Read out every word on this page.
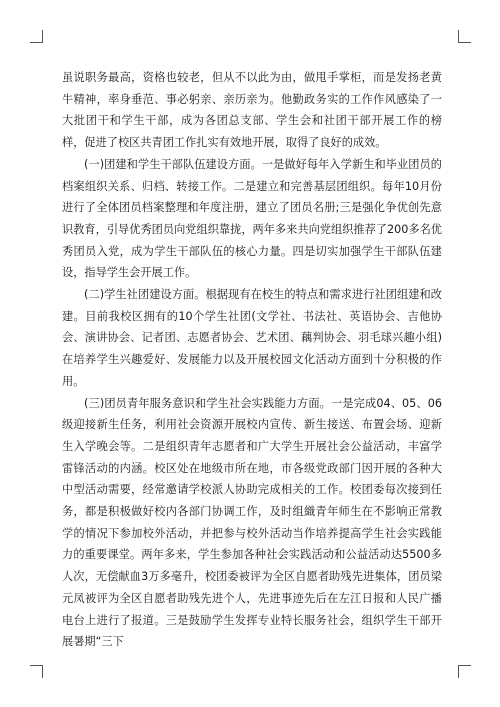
虽说职务最高，资格也较老，但从不以此为由，做甩手掌柜，而是发扬老黄牛精神，率身垂范、事必躬亲、亲历亲为。他勤政务实的工作作风感染了一大批团干和学生干部，成为各团总支部、学生会和社团干部开展工作的榜样，促进了校区共青团工作扎实有效地开展，取得了良好的成效。

(一)团建和学生干部队伍建设方面。一是做好每年入学新生和毕业团员的档案组织关系、归档、转接工作。二是建立和完善基层团组织。每年10月份进行了全体团员档案整理和年度注册，建立了团员名册;三是强化争优创先意识教育，引导优秀团员向党组织靠拢，两年多来共向党组织推荐了200多名优秀团员入党，成为学生干部队伍的核心力量。四是切实加强学生干部队伍建设，指导学生会开展工作。

(二)学生社团建设方面。根据现有在校生的特点和需求进行社团组建和改建。目前我校区拥有的10个学生社团(文学社、书法社、英语协会、吉他协会、演讲协会、记者团、志愿者协会、艺术团、藕判协会、羽毛球兴趣小组)在培养学生兴趣爱好、发展能力以及开展校园文化活动方面到十分积极的作用。

(三)团员青年服务意识和学生社会实践能力方面。一是完成04、05、06级迎接新生任务，利用社会资源开展校内宣传、新生接送、布置会场、迎新生入学晚会等。二是组织青年志愿者和广大学生开展社会公益活动，丰富学雷锋活动的内涵。校区处在地级市所在地，市各级党政部门因开展的各种大中型活动需要，经常邀请学校派人协助完成相关的工作。校团委每次接到任务，都是积极做好校内各部门协调工作，及时组織青年师生在不影响正常教学的情况下参加校外活动，并把参与校外活动当作培养提高学生社会实践能力的重要课堂。两年多来，学生参加各种社会实践活动和公益活动达5500多人次，无偿献血3万多毫升，校团委被评为全区自愿者助残先进集体，团员梁元凤被评为全区自愿者助残先进个人，先进事迹先后在左江日报和人民广播电台上进行了报道。三是鼓励学生发挥专业特长服务社会，组织学生干部开展暑期“三下
